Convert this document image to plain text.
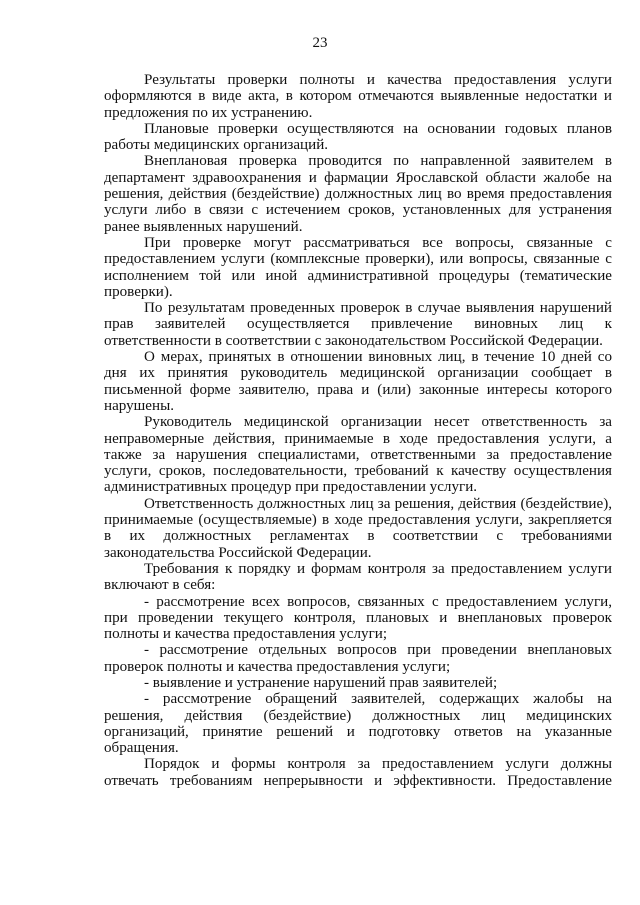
23
Результаты проверки полноты и качества предоставления услуги
оформляются в виде акта, в котором отмечаются выявленные недостатки и
предложения по их устранению.
Плановые проверки осуществляются на основании годовых планов
работы медицинских организаций.
Внеплановая проверка проводится по направленной заявителем в
департамент здравоохранения и фармации Ярославской области жалобе на
решения, действия (бездействие) должностных лиц во время предоставления
услуги либо в связи с истечением сроков, установленных для устранения
ранее выявленных нарушений.
При проверке могут рассматриваться все вопросы, связанные с
предоставлением услуги (комплексные проверки), или вопросы, связанные с
исполнением той или иной административной процедуры (тематические
проверки).
По результатам проведенных проверок в случае выявления нарушений
прав заявителей осуществляется привлечение виновных лиц к
ответственности в соответствии с законодательством Российской Федерации.
О мерах, принятых в отношении виновных лиц, в течение 10 дней со
дня их принятия руководитель медицинской организации сообщает в
письменной форме заявителю, права и (или) законные интересы которого
нарушены.
Руководитель медицинской организации несет ответственность за
неправомерные действия, принимаемые в ходе предоставления услуги, а
также за нарушения специалистами, ответственными за предоставление
услуги, сроков, последовательности, требований к качеству осуществления
административных процедур при предоставлении услуги.
Ответственность должностных лиц за решения, действия (бездействие),
принимаемые (осуществляемые) в ходе предоставления услуги, закрепляется
в их должностных регламентах в соответствии с требованиями
законодательства Российской Федерации.
Требования к порядку и формам контроля за предоставлением услуги
включают в себя:
- рассмотрение всех вопросов, связанных с предоставлением услуги,
при проведении текущего контроля, плановых и внеплановых проверок
полноты и качества предоставления услуги;
- рассмотрение отдельных вопросов при проведении внеплановых
проверок полноты и качества предоставления услуги;
- выявление и устранение нарушений прав заявителей;
- рассмотрение обращений заявителей, содержащих жалобы на
решения, действия (бездействие) должностных лиц медицинских
организаций, принятие решений и подготовку ответов на указанные
обращения.
Порядок и формы контроля за предоставлением услуги должны
отвечать требованиям непрерывности и эффективности. Предоставление
